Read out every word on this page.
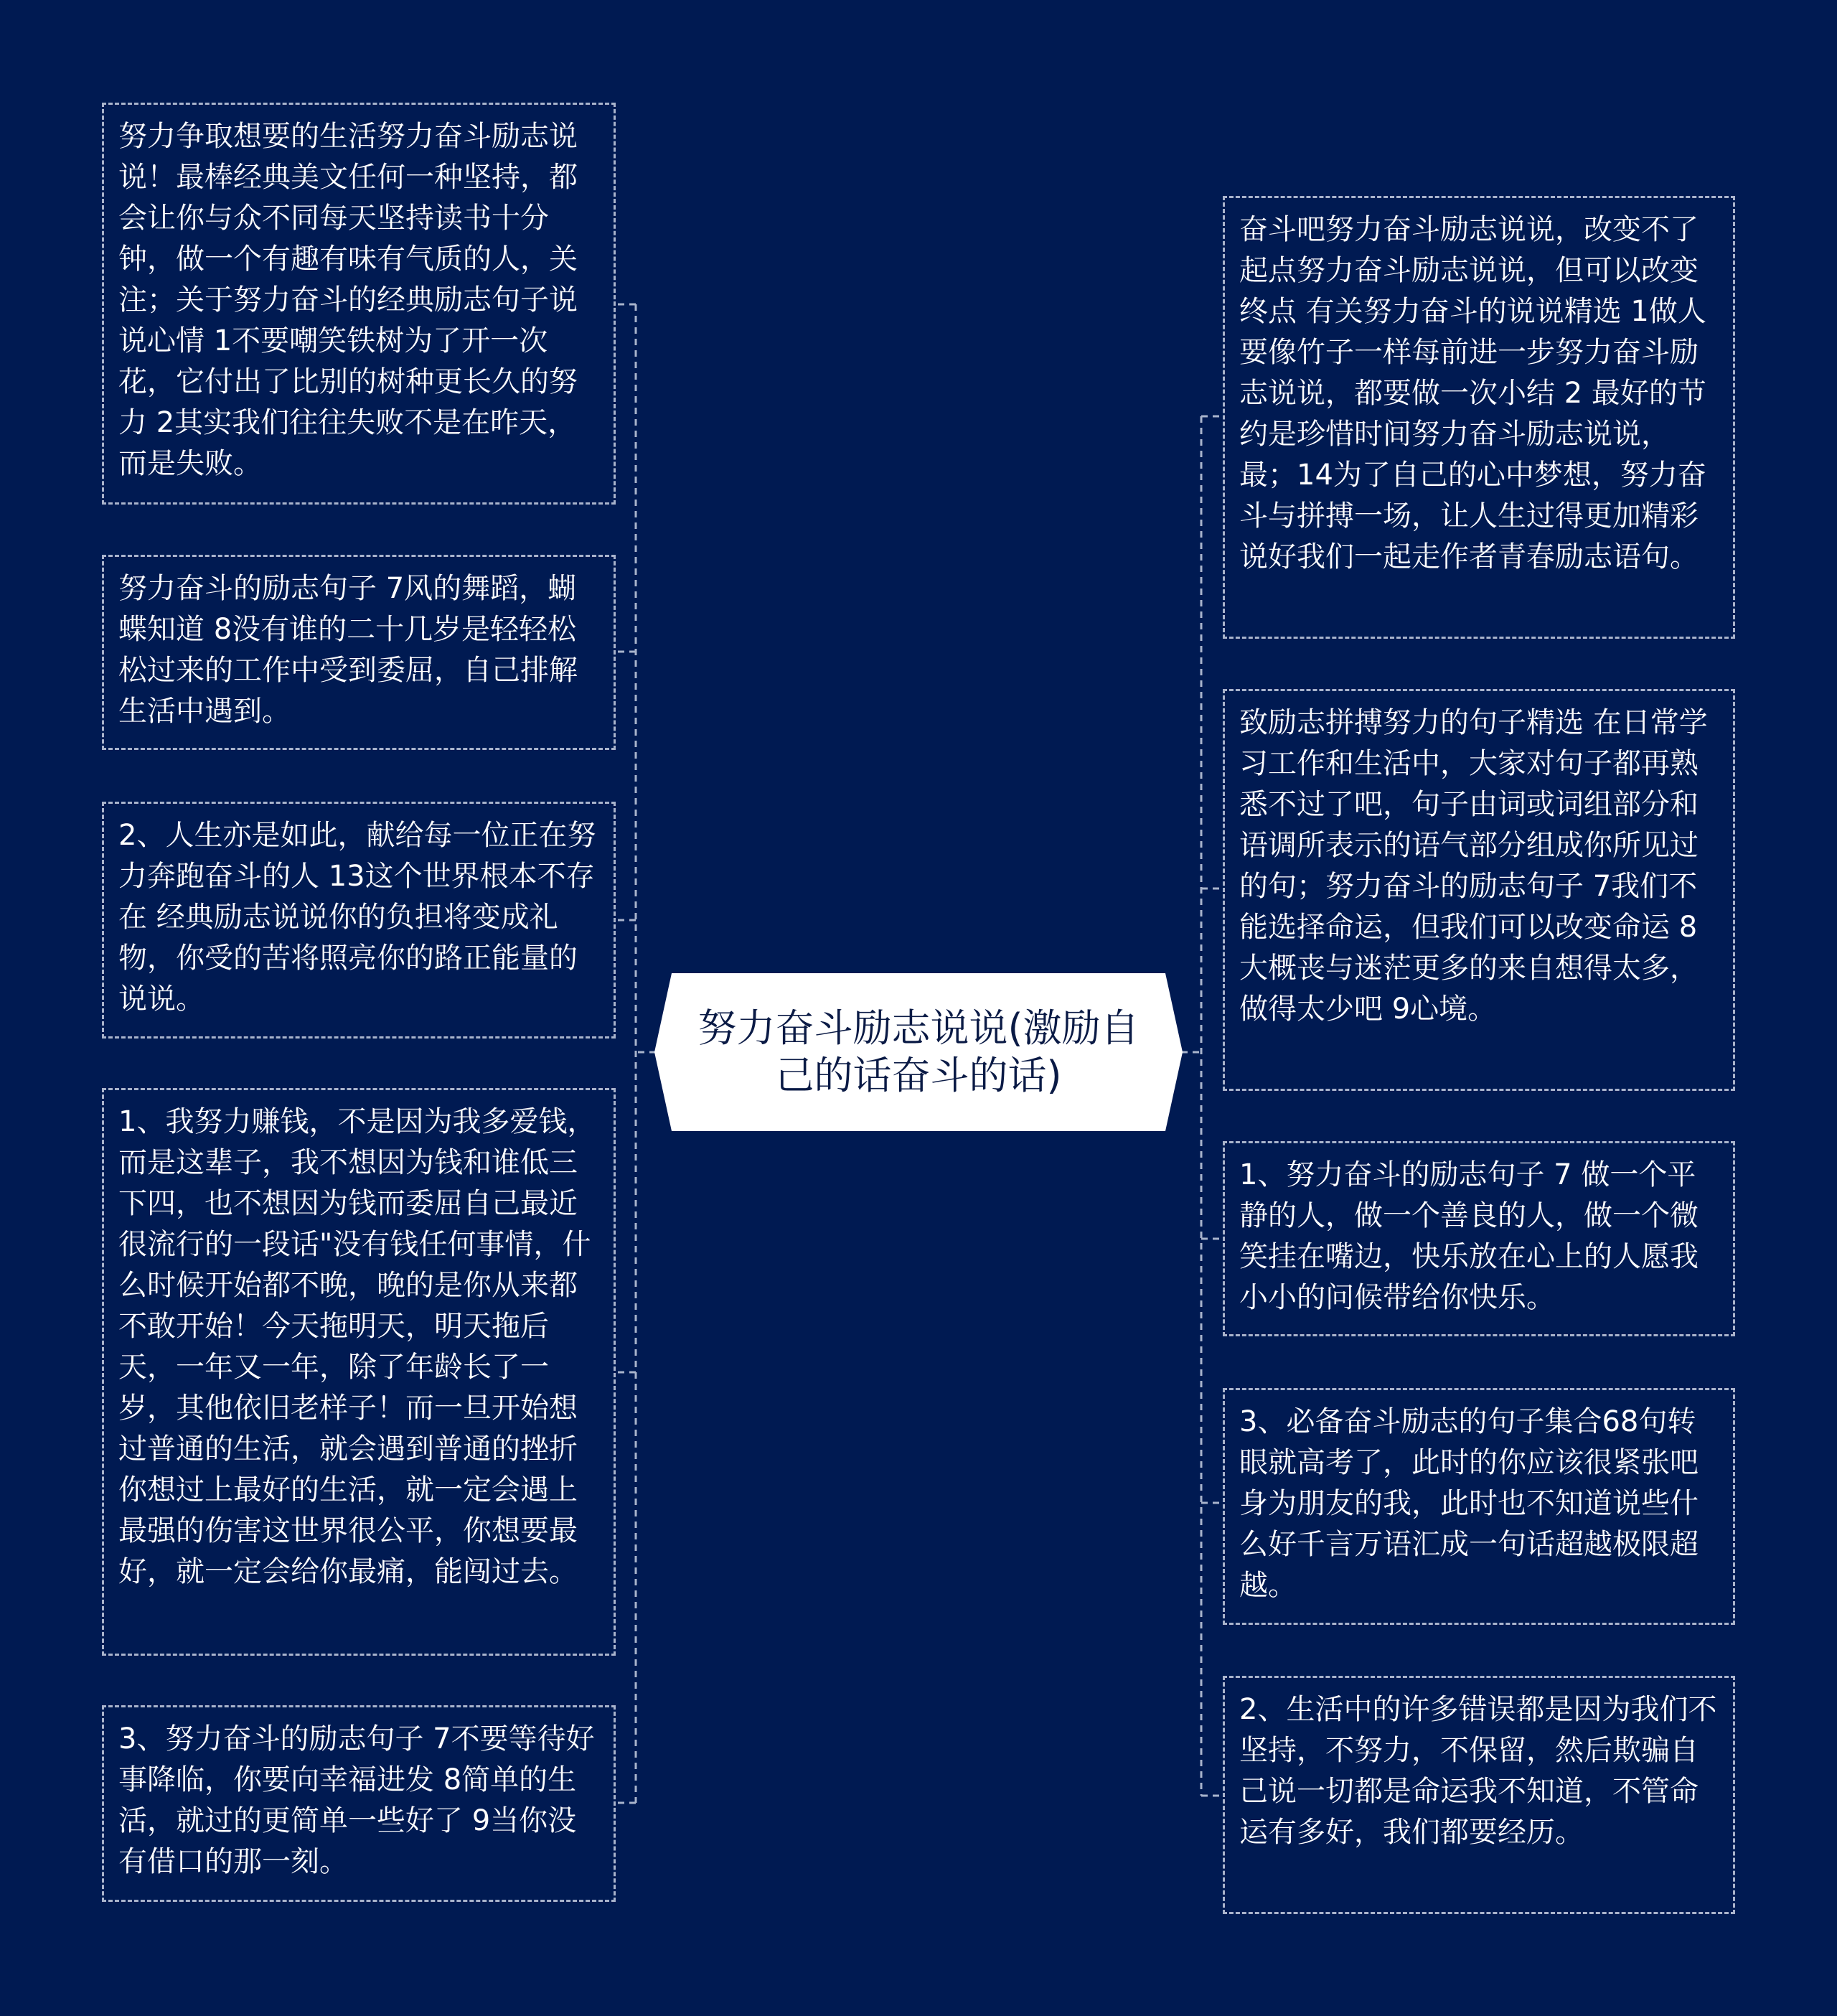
努力争取想要的生活努力奋斗励志说说！最棒经典美文任何一种坚持，都会让你与众不同每天坚持读书十分钟，做一个有趣有味有气质的人，关注；关于努力奋斗的经典励志句子说说心情 1不要嘲笑铁树为了开一次花，它付出了比别的树种更长久的努力 2其实我们往往失败不是在昨天，而是失败。
努力奋斗的励志句子 7风的舞蹈，蝴蝶知道 8没有谁的二十几岁是轻轻松松过来的工作中受到委屈，自己排解生活中遇到。
2、人生亦是如此，献给每一位正在努力奔跑奋斗的人 13这个世界根本不存在 经典励志说说你的负担将变成礼物，你受的苦将照亮你的路正能量的说说。
1、我努力赚钱，不是因为我多爱钱，而是这辈子，我不想因为钱和谁低三下四，也不想因为钱而委屈自己最近很流行的一段话"没有钱任何事情，什么时候开始都不晚，晚的是你从来都不敢开始！今天拖明天，明天拖后天，一年又一年，除了年龄长了一岁，其他依旧老样子！而一旦开始想过普通的生活，就会遇到普通的挫折你想过上最好的生活，就一定会遇上最强的伤害这世界很公平，你想要最好，就一定会给你最痛，能闯过去。
3、努力奋斗的励志句子 7不要等待好事降临，你要向幸福进发 8简单的生活，就过的更简单一些好了 9当你没有借口的那一刻。
努力奋斗励志说说(激励自己的话奋斗的话)
奋斗吧努力奋斗励志说说，改变不了起点努力奋斗励志说说，但可以改变终点 有关努力奋斗的说说精选 1做人要像竹子一样每前进一步努力奋斗励志说说，都要做一次小结 2 最好的节约是珍惜时间努力奋斗励志说说，最；14为了自己的心中梦想，努力奋斗与拼搏一场，让人生过得更加精彩说好我们一起走作者青春励志语句。
致励志拼搏努力的句子精选 在日常学习工作和生活中，大家对句子都再熟悉不过了吧，句子由词或词组部分和语调所表示的语气部分组成你所见过的句；努力奋斗的励志句子 7我们不能选择命运，但我们可以改变命运 8大概丧与迷茫更多的来自想得太多，做得太少吧 9心境。
1、努力奋斗的励志句子 7 做一个平静的人，做一个善良的人，做一个微笑挂在嘴边，快乐放在心上的人愿我小小的问候带给你快乐。
3、必备奋斗励志的句子集合68句转眼就高考了，此时的你应该很紧张吧身为朋友的我，此时也不知道说些什么好千言万语汇成一句话超越极限超越。
2、生活中的许多错误都是因为我们不坚持，不努力，不保留，然后欺骗自己说一切都是命运我不知道，不管命运有多好，我们都要经历。
